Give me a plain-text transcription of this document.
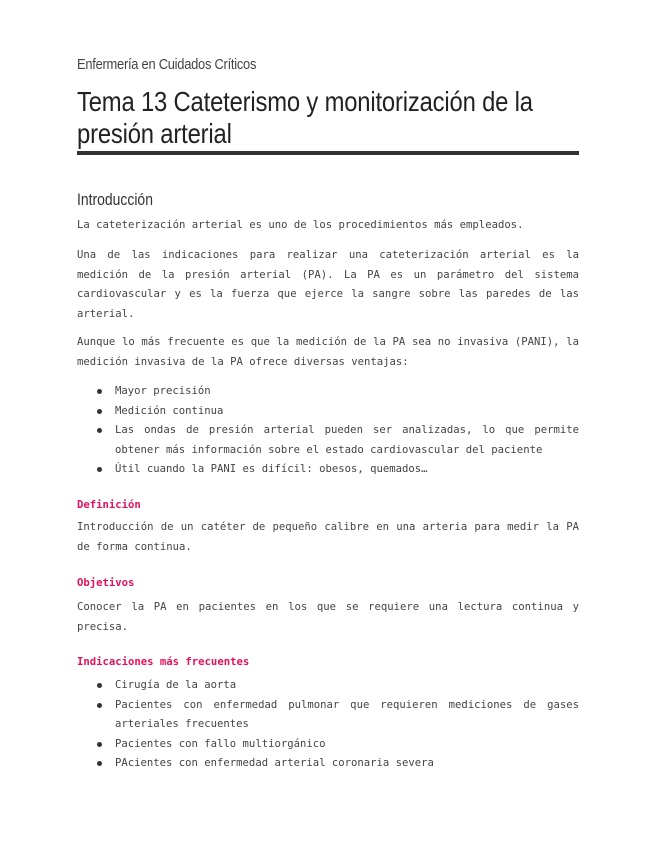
Enfermería en Cuidados Críticos
Tema 13 Cateterismo y monitorización de la presión arterial
Introducción

La cateterización arterial es uno de los procedimientos más empleados.

Una de las indicaciones para realizar una cateterización arterial es la medición de la presión arterial (PA). La PA es un parámetro del sistema cardiovascular y es la fuerza que ejerce la sangre sobre las paredes de las arterial.

Aunque lo más frecuente es que la medición de la PA sea no invasiva (PANI), la medición invasiva de la PA ofrece diversas ventajas:

Mayor precisión
Medición continua
Las ondas de presión arterial pueden ser analizadas, lo que permite obtener más información sobre el estado cardiovascular del paciente
Útil cuando la PANI es difícil: obesos, quemados…
Definición

Introducción de un catéter de pequeño calibre en una arteria para medir la PA de forma continua.

Objetivos

Conocer la PA en pacientes en los que se requiere una lectura continua y precisa.

Indicaciones más frecuentes
Cirugía de la aorta
Pacientes con enfermedad pulmonar que requieren mediciones de gases arteriales frecuentes
Pacientes con fallo multiorgánico
PAcientes con enfermedad arterial coronaria severa
